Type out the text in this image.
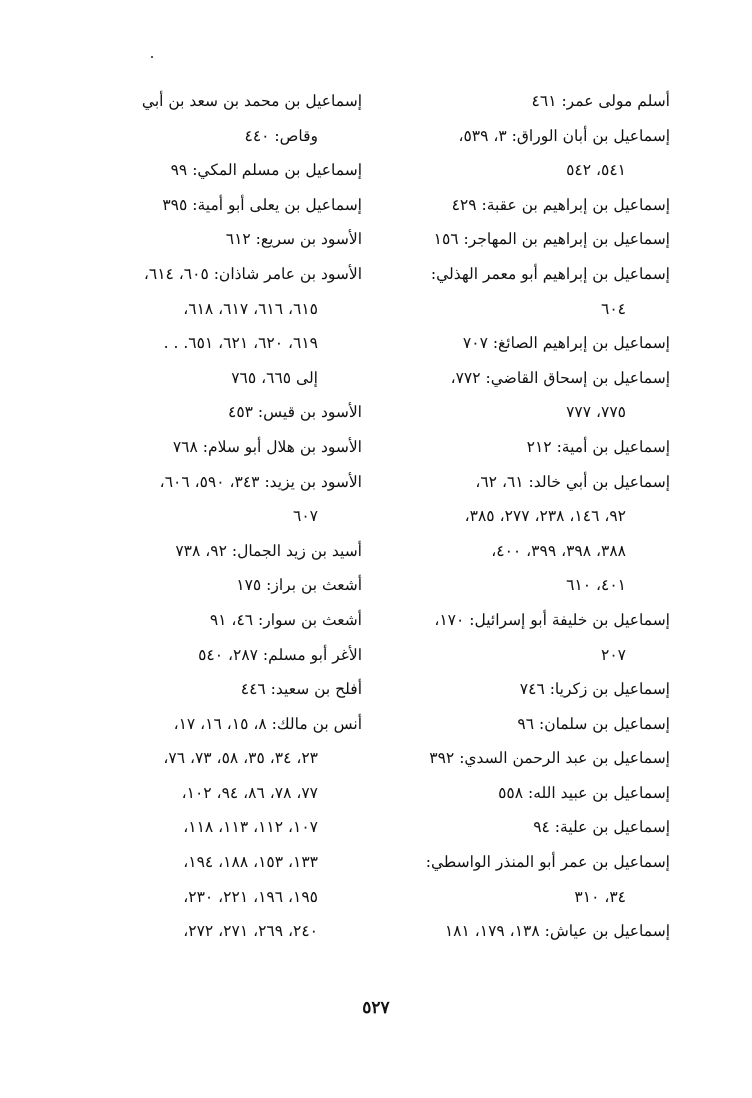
أسلم مولى عمر: ٤٦١
إسماعيل بن أبان الوراق: ٣، ٥٣٩،
٥٤١، ٥٤٢
إسماعيل بن إبراهيم بن عقبة: ٤٢٩
إسماعيل بن إبراهيم بن المهاجر: ١٥٦
إسماعيل بن إبراهيم أبو معمر الهذلي:
٦٠٤
إسماعيل بن إبراهيم الصائغ: ٧٠٧
إسماعيل بن إسحاق القاضي: ٧٧٢،
٧٧٥، ٧٧٧
إسماعيل بن أمية: ٢١٢
إسماعيل بن أبي خالد: ٦١، ٦٢،
٩٢، ١٤٦، ٢٣٨، ٢٧٧، ٣٨٥،
٣٨٨، ٣٩٨، ٣٩٩، ٤٠٠،
٤٠١، ٦١٠
إسماعيل بن خليفة أبو إسرائيل: ١٧٠،
٢٠٧
إسماعيل بن زكريا: ٧٤٦
إسماعيل بن سلمان: ٩٦
إسماعيل بن عبد الرحمن السدي: ٣٩٢
إسماعيل بن عبيد الله: ٥٥٨
إسماعيل بن علية: ٩٤
إسماعيل بن عمر أبو المنذر الواسطي:
٣٤، ٣١٠
إسماعيل بن عياش: ١٣٨، ١٧٩، ١٨١
إسماعيل بن محمد بن سعد بن أبي
وقاص: ٤٤٠
إسماعيل بن مسلم المكي: ٩٩
إسماعيل بن يعلى أبو أمية: ٣٩٥
الأسود بن سريع: ٦١٢
الأسود بن عامر شاذان: ٦٠٥، ٦١٤،
٦١٥، ٦١٦، ٦١٧، ٦١٨،
٦١٩، ٦٢٠، ٦٢١، ٦٥١. . .
إلى ٦٦٥، ٧٦٥
الأسود بن قيس: ٤٥٣
الأسود بن هلال أبو سلام: ٧٦٨
الأسود بن يزيد: ٣٤٣، ٥٩٠، ٦٠٦،
٦٠٧
أسيد بن زيد الجمال: ٩٢، ٧٣٨
أشعث بن براز: ١٧٥
أشعث بن سوار: ٤٦، ٩١
الأغر أبو مسلم: ٢٨٧، ٥٤٠
أفلح بن سعيد: ٤٤٦
أنس بن مالك: ٨، ١٥، ١٦، ١٧،
٢٣، ٣٤، ٣٥، ٥٨، ٧٣، ٧٦،
٧٧، ٧٨، ٨٦، ٩٤، ١٠٢،
١٠٧، ١١٢، ١١٣، ١١٨،
١٣٣، ١٥٣، ١٨٨، ١٩٤،
١٩٥، ١٩٦، ٢٢١، ٢٣٠،
٢٤٠، ٢٦٩، ٢٧١، ٢٧٢،
٥٢٧
